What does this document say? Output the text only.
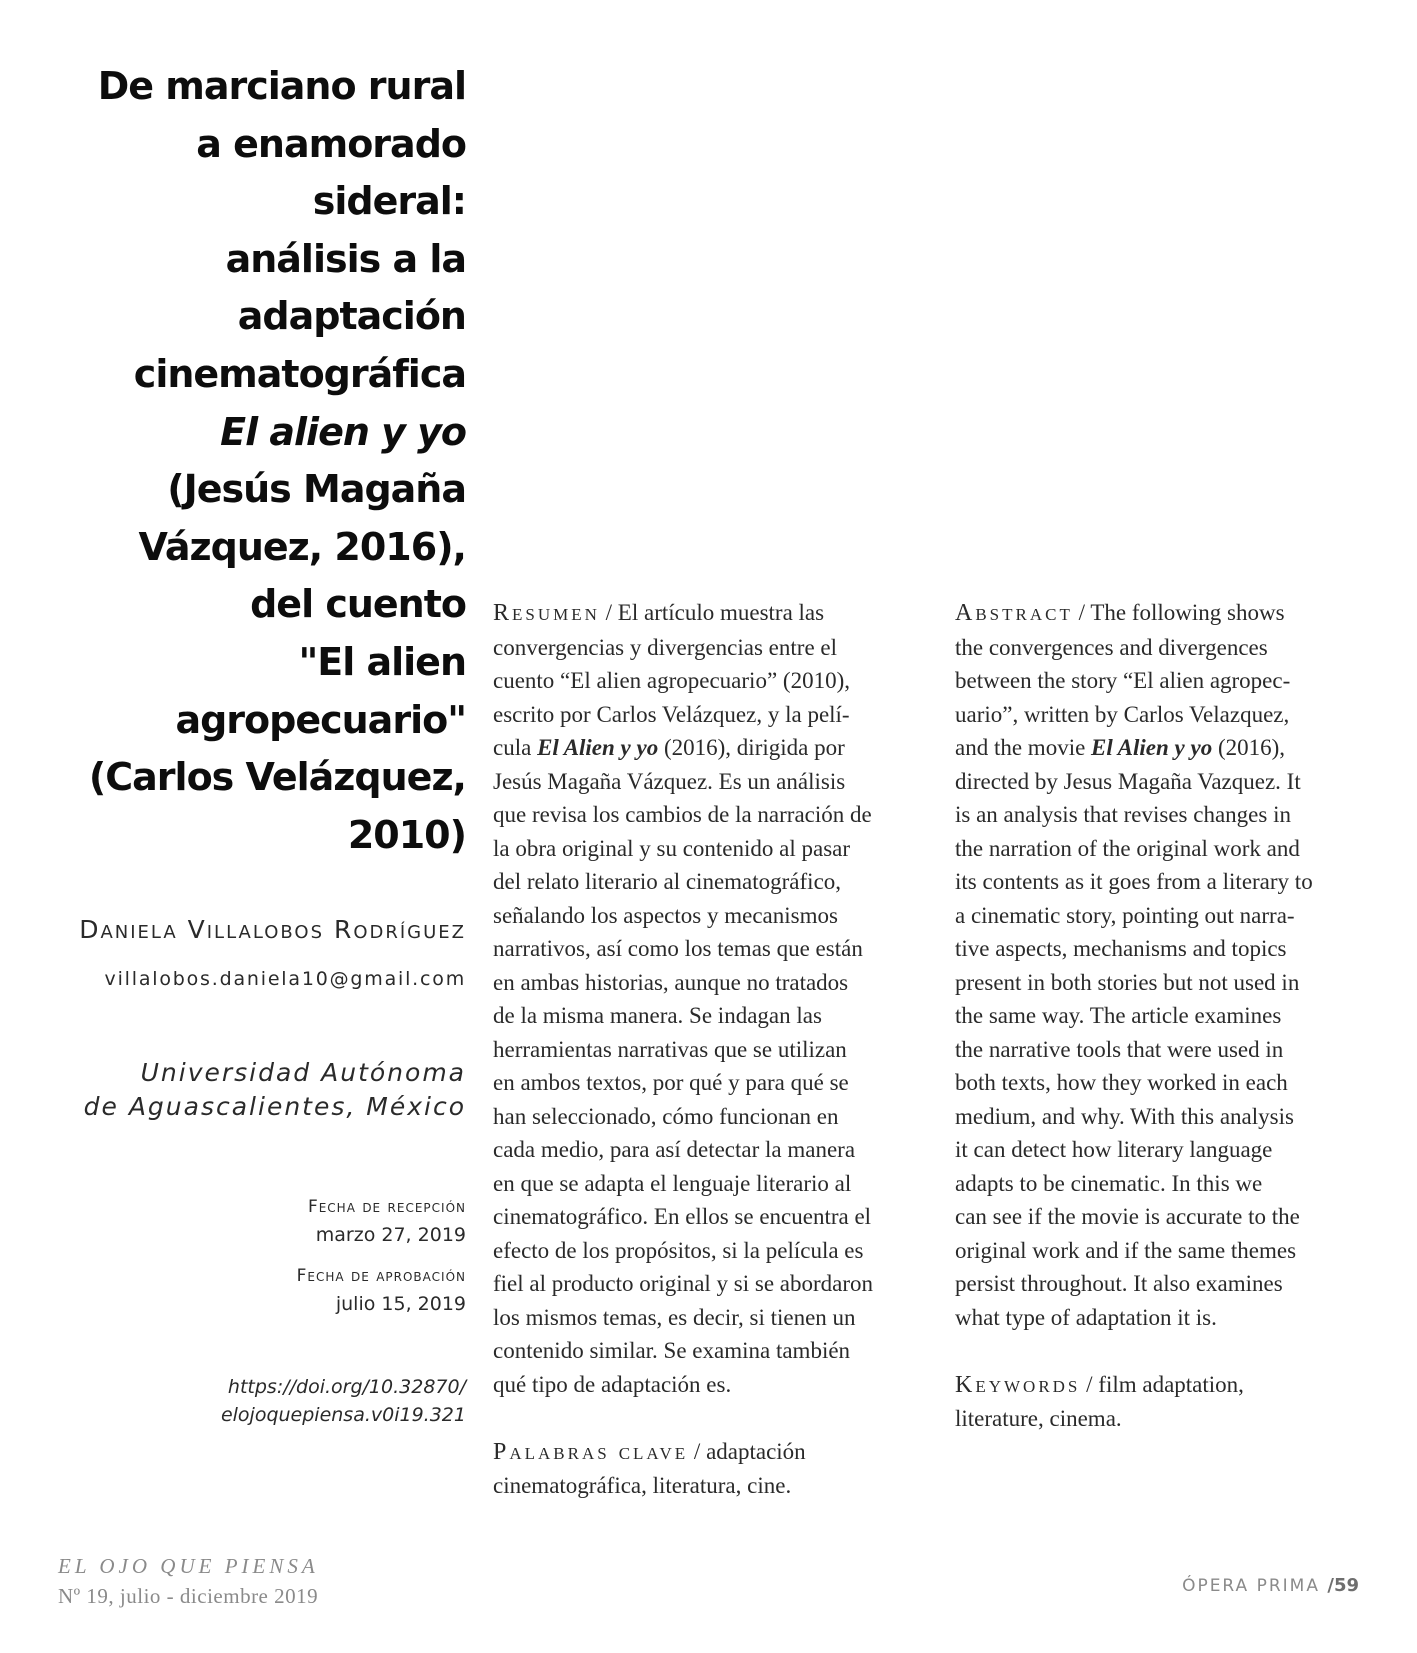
De marciano rural
a enamorado
sideral:
análisis a la
adaptación
cinematográfica
El alien y yo
(Jesús Magaña
Vázquez, 2016),
del cuento
"El alien
agropecuario"
(Carlos Velázquez,
2010)
Daniela Villalobos Rodríguez
villalobos.daniela10@gmail.com
Universidad Autónoma
de Aguascalientes, México
Fecha de recepción
marzo 27, 2019
Fecha de aprobación
julio 15, 2019
https://doi.org/10.32870/
elojoquepiensa.v0i19.321
Resumen / El artículo muestra las
convergencias y divergencias entre el
cuento “El alien agropecuario” (2010),
escrito por Carlos Velázquez, y la pelí-
cula El Alien y yo (2016), dirigida por
Jesús Magaña Vázquez. Es un análisis
que revisa los cambios de la narración de
la obra original y su contenido al pasar
del relato literario al cinematográfico,
señalando los aspectos y mecanismos
narrativos, así como los temas que están
en ambas historias, aunque no tratados
de la misma manera. Se indagan las
herramientas narrativas que se utilizan
en ambos textos, por qué y para qué se
han seleccionado, cómo funcionan en
cada medio, para así detectar la manera
en que se adapta el lenguaje literario al
cinematográfico. En ellos se encuentra el
efecto de los propósitos, si la película es
fiel al producto original y si se abordaron
los mismos temas, es decir, si tienen un
contenido similar. Se examina también
qué tipo de adaptación es.
Palabras clave / adaptación
cinematográfica, literatura, cine.
Abstract / The following shows
the convergences and divergences
between the story “El alien agropec-
uario”, written by Carlos Velazquez,
and the movie El Alien y yo (2016),
directed by Jesus Magaña Vazquez. It
is an analysis that revises changes in
the narration of the original work and
its contents as it goes from a literary to
a cinematic story, pointing out narra-
tive aspects, mechanisms and topics
present in both stories but not used in
the same way. The article examines
the narrative tools that were used in
both texts, how they worked in each
medium, and why. With this analysis
it can detect how literary language
adapts to be cinematic. In this we
can see if the movie is accurate to the
original work and if the same themes
persist throughout. It also examines
what type of adaptation it is.
Keywords / film adaptation,
literature, cinema.
EL OJO QUE PIENSA
Nº 19, julio - diciembre 2019	ÓPERA PRIMA /59
